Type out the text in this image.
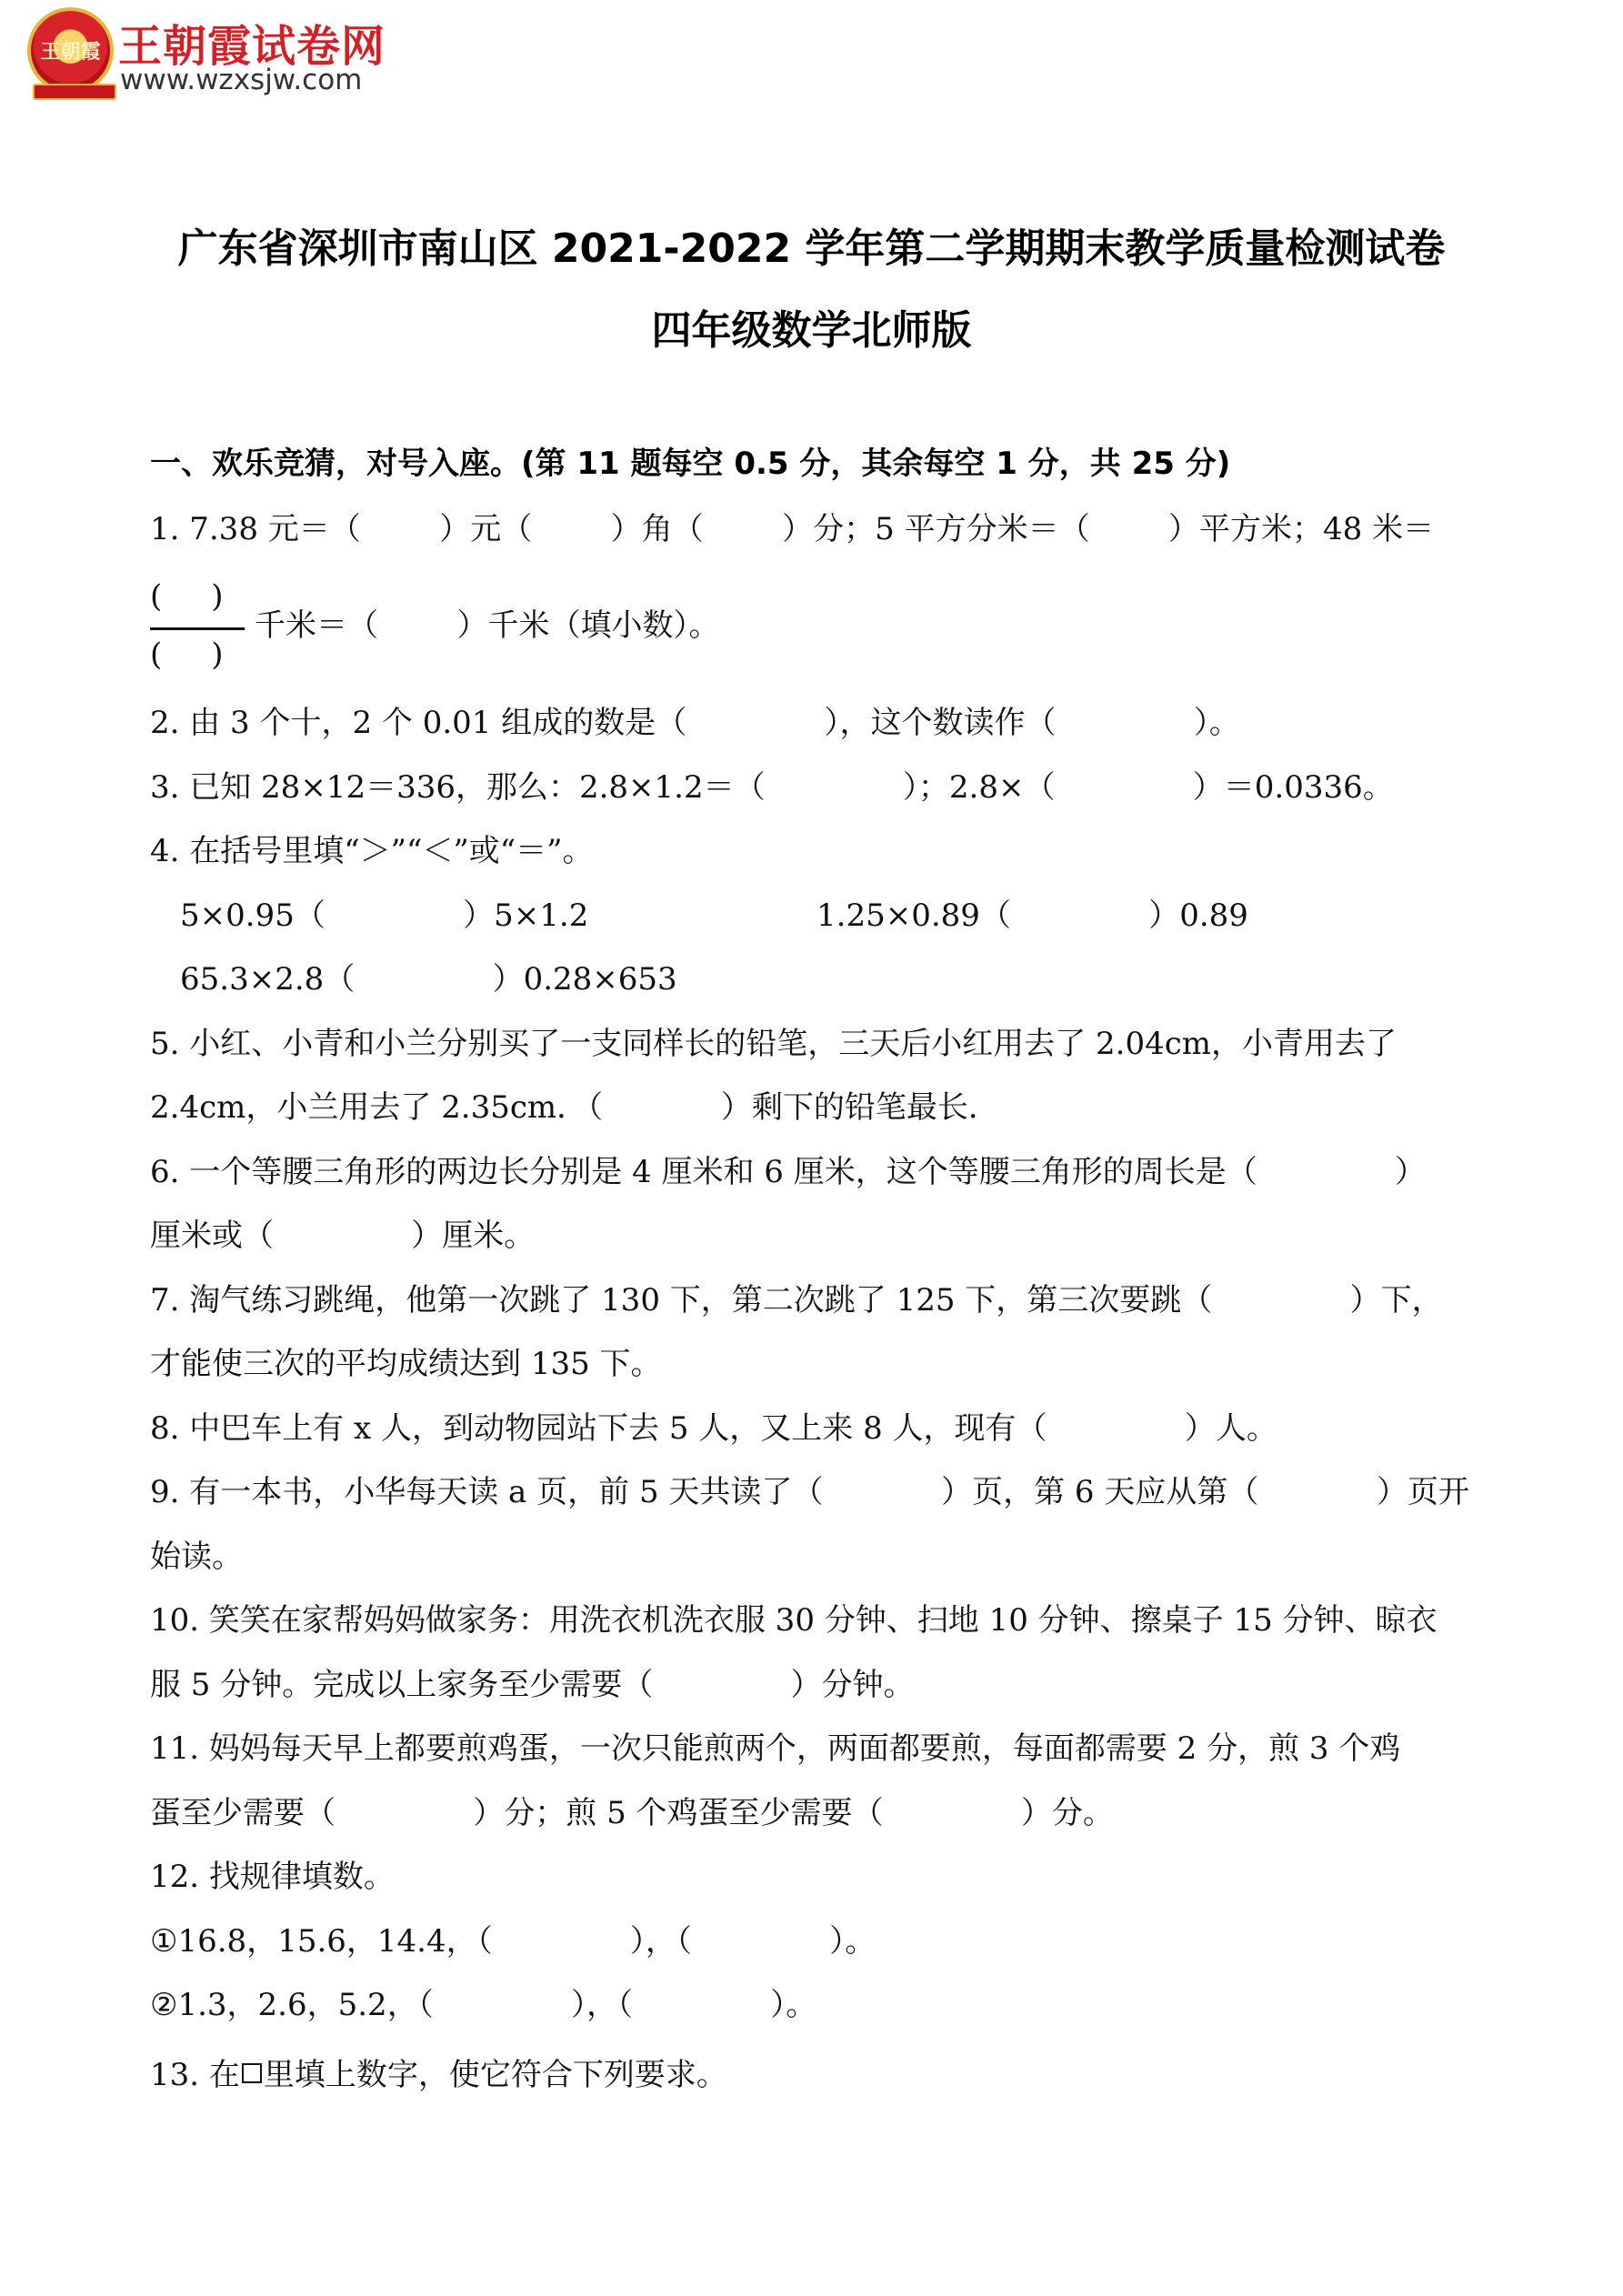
王朝霞 王朝霞试卷网
www.wzxsjw.com
广东省深圳市南山区 2021-2022 学年第二学期期末教学质量检测试卷
四年级数学北师版
一、欢乐竞猜，对号入座。(第 11 题每空 0.5 分，其余每空 1 分，共 25 分)
1. 7.38 元＝（        ）元（        ）角（        ）分；5 平方分米＝（        ）平方米；48 米＝
(     )
(     )
千米＝（        ）千米（填小数）。
2. 由 3 个十，2 个 0.01 组成的数是（              ），这个数读作（              ）。
3. 已知 28×12＝336，那么：2.8×1.2＝（              ）；2.8×（              ）＝0.0336。
4. 在括号里填“＞”“＜”或“＝”。
5×0.95（              ）5×1.2	1.25×0.89（              ）0.89
65.3×2.8（              ）0.28×653
5. 小红、小青和小兰分别买了一支同样长的铅笔，三天后小红用去了 2.04cm，小青用去了
2.4cm，小兰用去了 2.35cm．（            ）剩下的铅笔最长．
6. 一个等腰三角形的两边长分别是 4 厘米和 6 厘米，这个等腰三角形的周长是（              ）
厘米或（              ）厘米。
7. 淘气练习跳绳，他第一次跳了 130 下，第二次跳了 125 下，第三次要跳（              ）下，
才能使三次的平均成绩达到 135 下。
8. 中巴车上有 x 人，到动物园站下去 5 人，又上来 8 人，现有（              ）人。
9. 有一本书，小华每天读 a 页，前 5 天共读了（            ）页，第 6 天应从第（            ）页开
始读。
10. 笑笑在家帮妈妈做家务：用洗衣机洗衣服 30 分钟、扫地 10 分钟、擦桌子 15 分钟、晾衣
服 5 分钟。完成以上家务至少需要（              ）分钟。
11. 妈妈每天早上都要煎鸡蛋，一次只能煎两个，两面都要煎，每面都需要 2 分，煎 3 个鸡
蛋至少需要（              ）分；煎 5 个鸡蛋至少需要（              ）分。
12. 找规律填数。
①16.8，15.6，14.4，（              ），（              ）。
②1.3，2.6，5.2，（              ），（              ）。
13. 在 里填上数字，使它符合下列要求。
